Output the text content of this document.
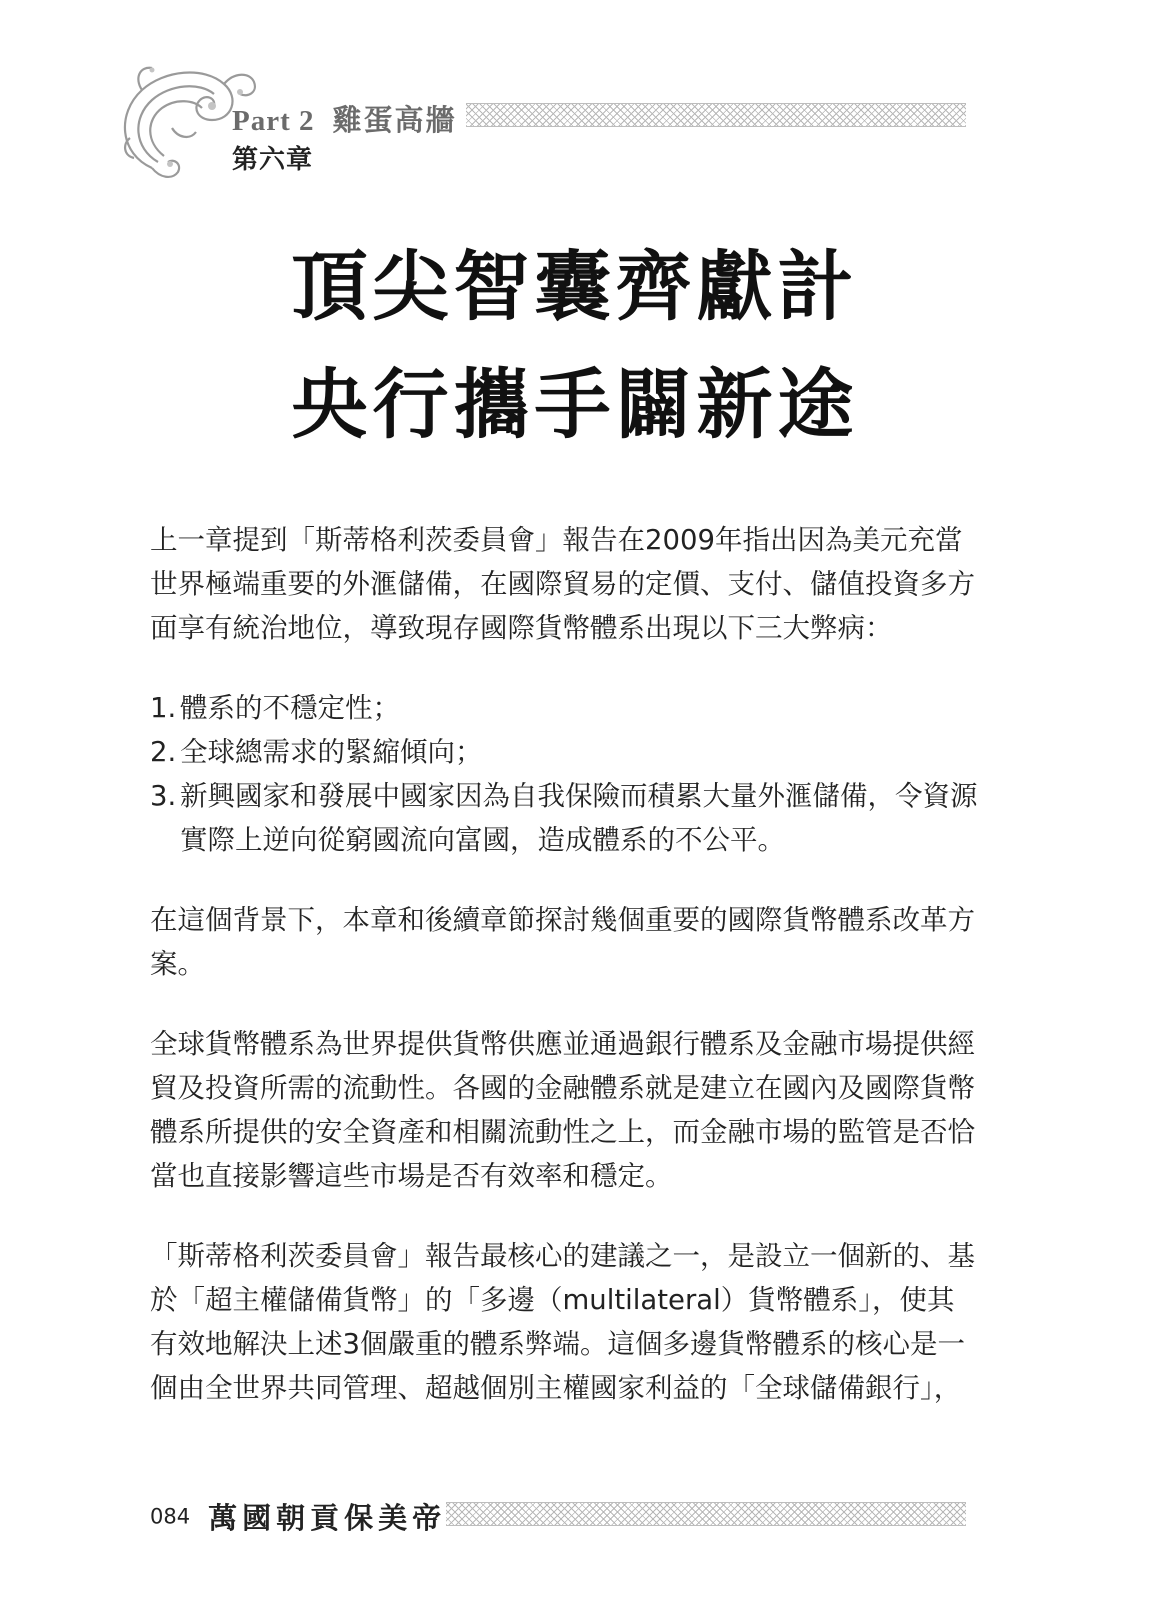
Part 2 雞蛋高牆
第六章
頂尖智囊齊獻計
央行攜手闢新途

上一章提到「斯蒂格利茨委員會」報告在2009年指出因為美元充當世界極端重要的外滙儲備，在國際貿易的定價、支付、儲值投資多方面享有統治地位，導致現存國際貨幣體系出現以下三大弊病：

1. 體系的不穩定性；
2. 全球總需求的緊縮傾向；
3. 新興國家和發展中國家因為自我保險而積累大量外滙儲備，令資源實際上逆向從窮國流向富國，造成體系的不公平。

在這個背景下，本章和後續章節探討幾個重要的國際貨幣體系改革方案。

全球貨幣體系為世界提供貨幣供應並通過銀行體系及金融市場提供經貿及投資所需的流動性。各國的金融體系就是建立在國內及國際貨幣體系所提供的安全資產和相關流動性之上，而金融市場的監管是否恰當也直接影響這些市場是否有效率和穩定。

「斯蒂格利茨委員會」報告最核心的建議之一，是設立一個新的、基於「超主權儲備貨幣」的「多邊（multilateral）貨幣體系」，使其有效地解決上述3個嚴重的體系弊端。這個多邊貨幣體系的核心是一個由全世界共同管理、超越個別主權國家利益的「全球儲備銀行」，

084 萬國朝貢保美帝
